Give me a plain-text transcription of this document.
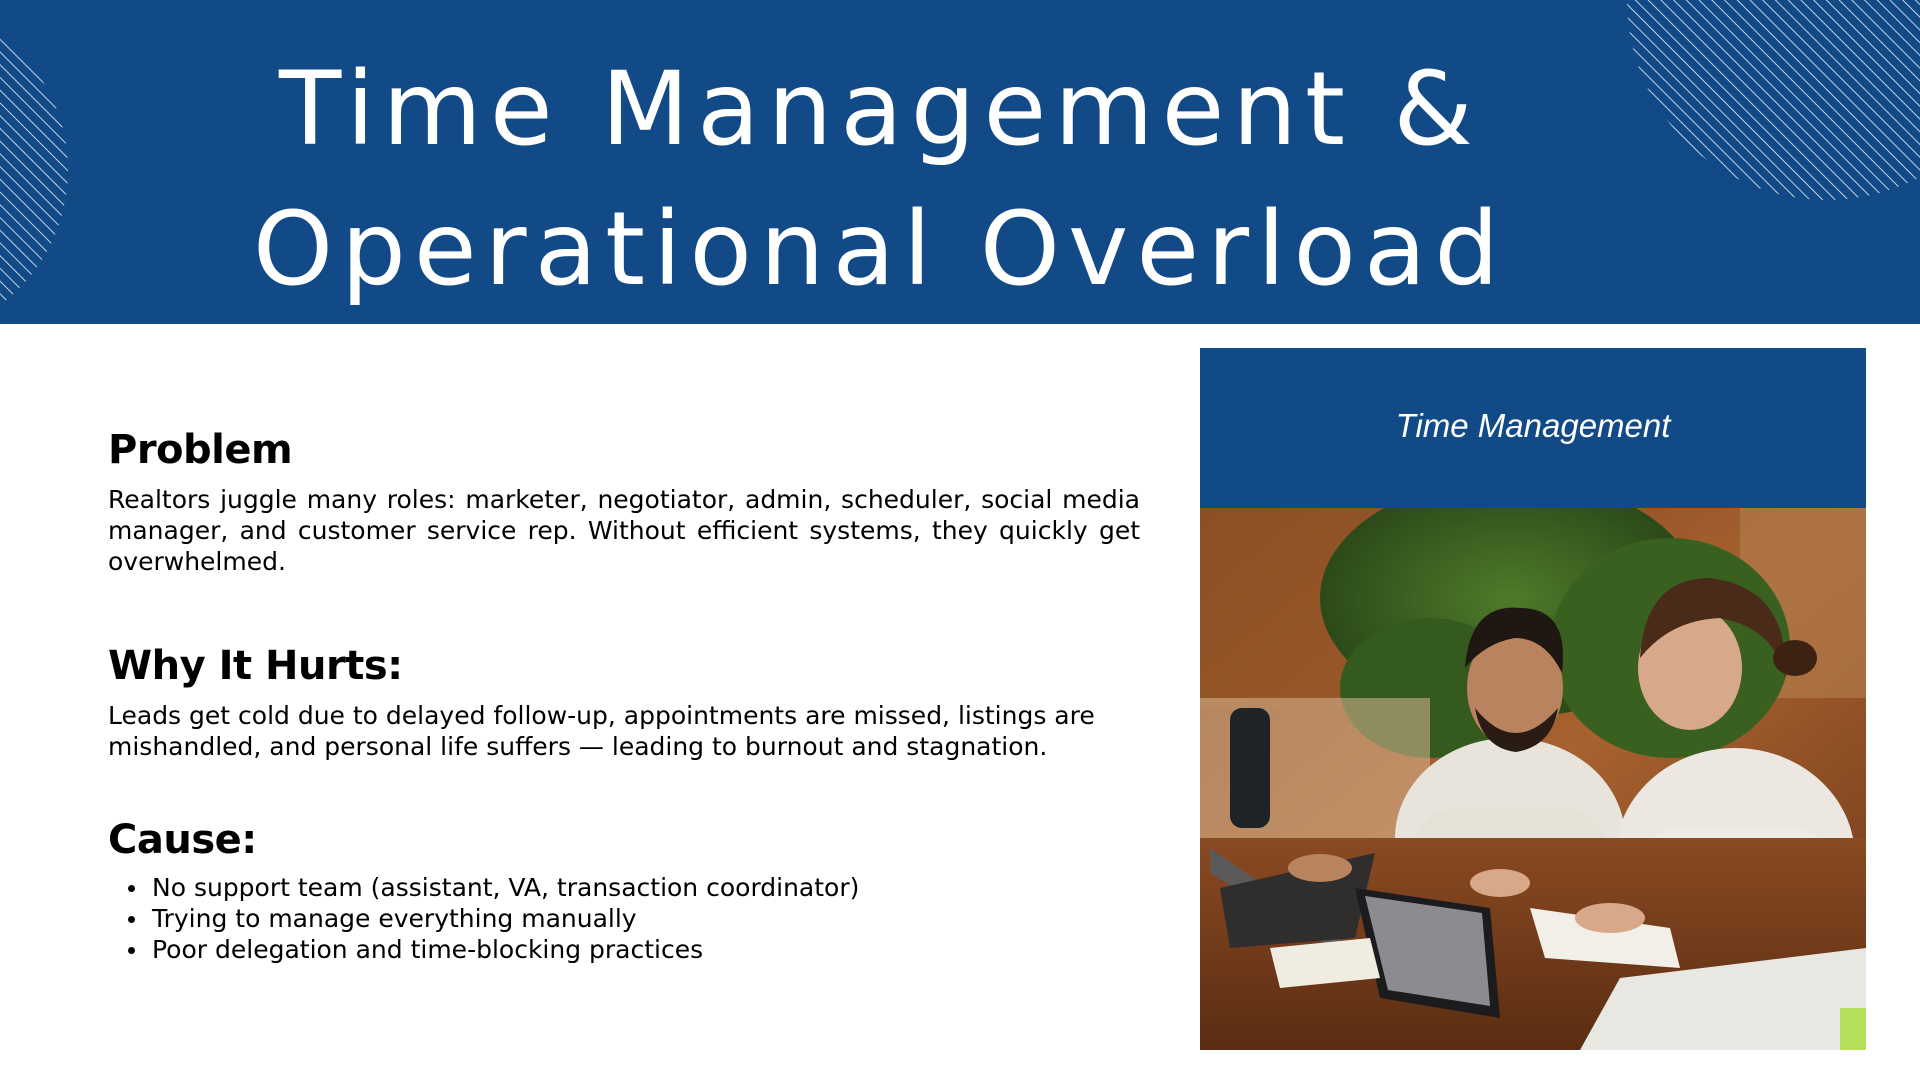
Time Management &
Operational Overload
Problem

Realtors juggle many roles: marketer, negotiator, admin, scheduler, social media manager, and customer service rep. Without efficient systems, they quickly get overwhelmed.

Why It Hurts:

Leads get cold due to delayed follow-up, appointments are missed, listings are mishandled, and personal life suffers — leading to burnout and stagnation.

Cause:
No support team (assistant, VA, transaction coordinator)
Trying to manage everything manually
Poor delegation and time-blocking practices
Time Management
